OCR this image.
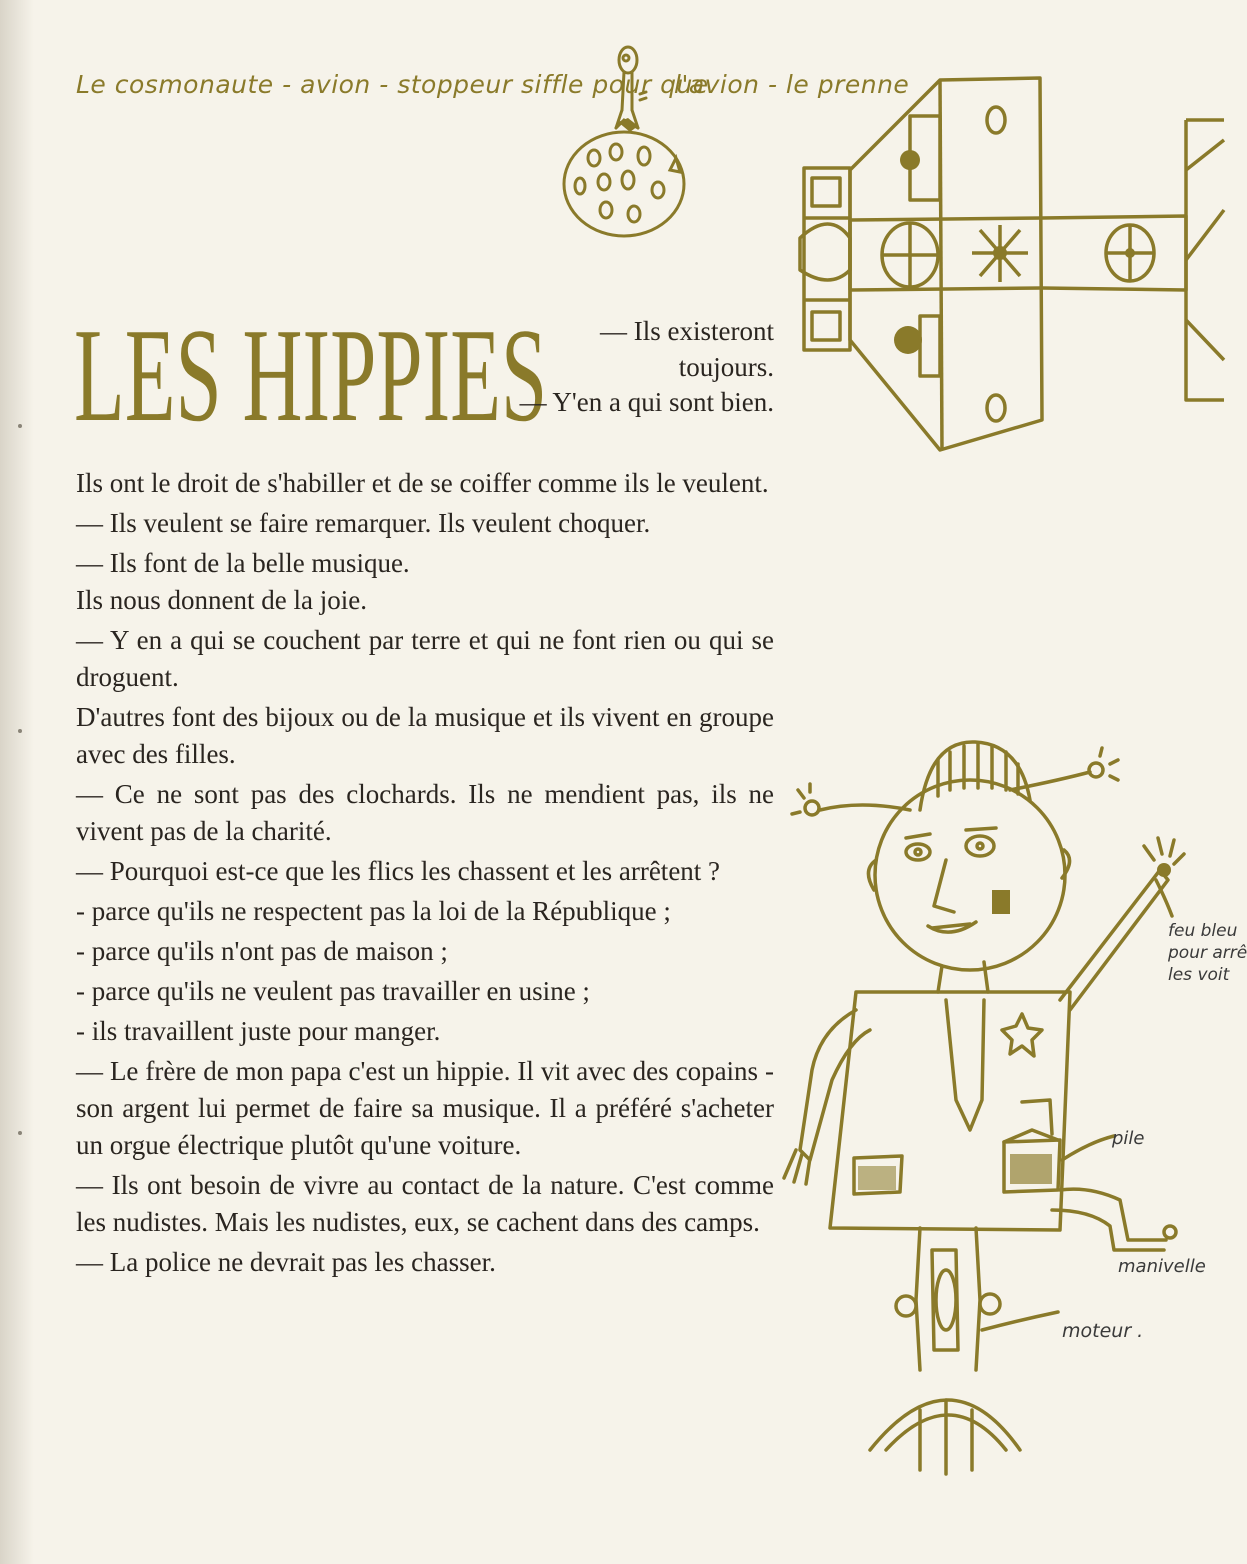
Le cosmonaute - avion - stoppeur siffle pour que
l'avion - le prenne
LES HIPPIES	— Ils existeront toujours.

— Y'en a qui sont bien.

Ils ont le droit de s'habiller et de se coiffer comme ils le veulent.

— Ils veulent se faire remarquer. Ils veulent choquer.

— Ils font de la belle musique.

Ils nous donnent de la joie.

— Y en a qui se couchent par terre et qui ne font rien ou qui se droguent.

D'autres font des bijoux ou de la musique et ils vivent en groupe avec des filles.

— Ce ne sont pas des clochards. Ils ne mendient pas, ils ne vivent pas de la charité.

— Pourquoi est-ce que les flics les chassent et les arrêtent ?

- parce qu'ils ne respectent pas la loi de la République ;

- parce qu'ils n'ont pas de maison ;

- parce qu'ils ne veulent pas travailler en usine ;

- ils travaillent juste pour manger.

— Le frère de mon papa c'est un hippie. Il vit avec des copains - son argent lui permet de faire sa musique. Il a préféré s'acheter un orgue électrique plutôt qu'une voiture.

— Ils ont besoin de vivre au contact de la nature. C'est comme les nudistes. Mais les nudistes, eux, se cachent dans des camps.

— La police ne devrait pas les chasser.

feu bleu
pour arrê
les voit
pile
manivelle
moteur .
